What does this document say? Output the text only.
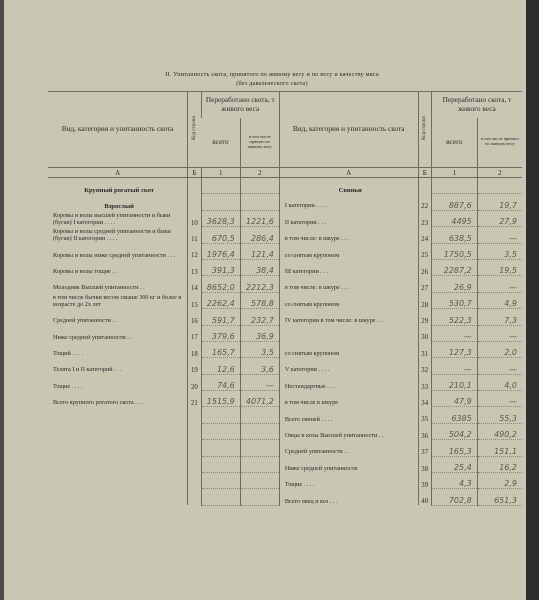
II. Упитанность скота, принятого по живому весу и по весу и качеству мяса
(без давальческого скота)
Вид, категория и упитанность скота	Код строки	Переработано скота, т живого веса		Вид, категория и упитанность скота	Код строки	Переработано скота, т живого веса	
		всего	в том числе принято по живому весу			всего	в том числе принято по живому весу
А	Б	1	2	А	Б	1	2
Крупный рогатый скот				Свиньи			
Взрослый				I категории . . . .	22	887,6	19,7
Коровы и волы высшей упитанности и быки (бугаи) I категории . . . .	10	3628,3	1221,6	II категории . . .	23	4495	27,9
Коровы и волы средней упитанности и быки (бугаи) II категории . . . .	11	670,5	286,4	в том числе: в шкуре . . .	24	638,5	—
Коровы и волы ниже средней упитанности . . .	12	1976,4	121,4	со снятым крупоном	25	1750,5	3,5
Коровы и волы тощие . .	13	391,3	38,4	III категории . . .	26	2287,2	19,5
Молодняк Высшей упитанности . .	14	8652,0	2212,3	в том числе: в шкуре . . .	27	26,9	—
в том числе бычки весом свыше 300 кг и более в возрасте до 2х лет	15	2262,4	578,8	со снятым крупоном	28	530,7	4,9
Средней упитанности . .	16	591,7	232,7	IV категории в том числе: в шкуре . . .	29	522,3	7,3
Ниже средней упитанности . .	17	379,6	36,9		30	—	—
Тощий . . . .	18	165,7	3,5	со снятым крупоном	31	127,3	2,0
Телята I и II категорий . . .	19	12,6	3,6	V категории . . . .	32	—	—
Тощие . . . .	20	74,6	—	Нестандартные . . .	33	210,1	4,0
Всего крупного рогатого скота . . .	21	1515,9	4071,2	в том числе в шкуре	34	47,9	—
				Всего свиней . . . .	35	6385	55,3
				Овцы и козы Высшей упитанности . .	36	504,2	490,2
				Средней упитанности . .	37	165,3	151,1
				Ниже средней упитанности	38	25,4	16,2
				Тощие . . . .	39	4,3	2,9
				Всего овец и коз . . .	40	702,8	651,3
